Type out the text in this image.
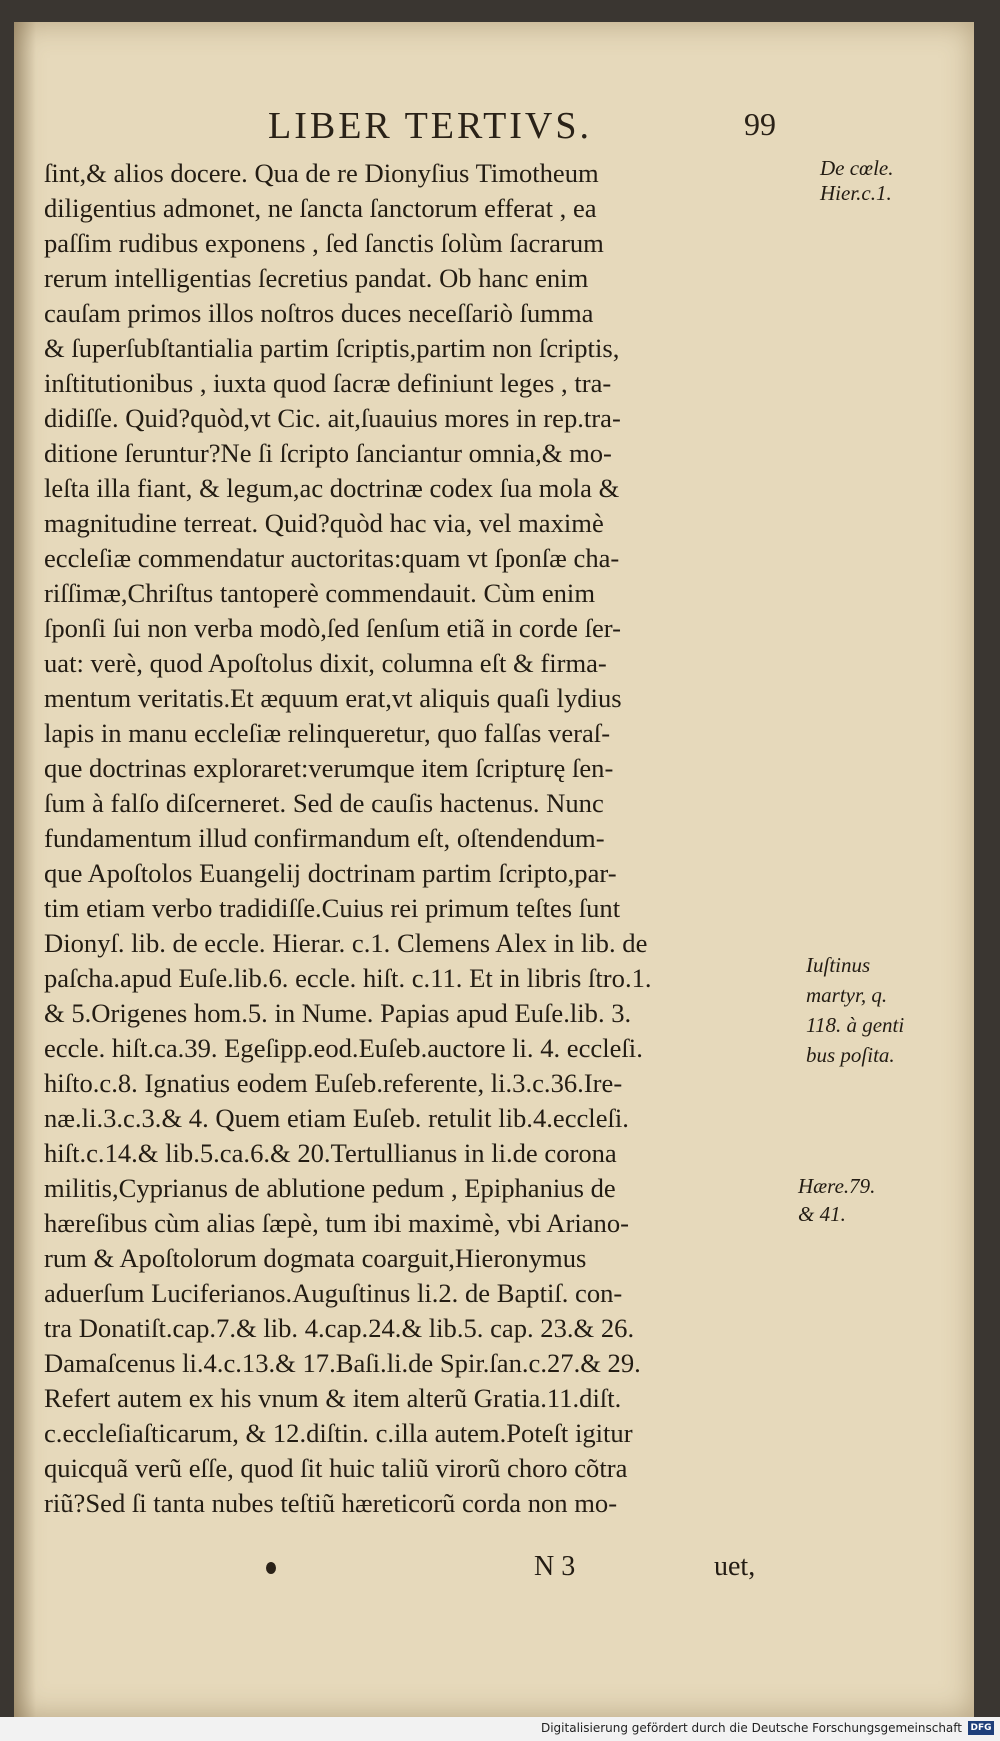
LIBER TERTIVS.	99
ſint,& alios docere. Qua de re Dionyſius Timotheum
diligentius admonet, ne ſancta ſanctorum efferat , ea
paſſim rudibus exponens , ſed ſanctis ſolùm ſacrarum
rerum intelligentias ſecretius pandat. Ob hanc enim
cauſam primos illos noſtros duces neceſſariò ſumma
& ſuperſubſtantialia partim ſcriptis,partim non ſcriptis,
inſtitutionibus , iuxta quod ſacræ definiunt leges , tra-
didiſſe. Quid?quòd,vt Cic. ait,ſuauius mores in rep.tra-
ditione ſeruntur?Ne ſi ſcripto ſanciantur omnia,& mo-
leſta illa fiant, & legum,ac doctrinæ codex ſua mola &
magnitudine terreat. Quid?quòd hac via, vel maximè
eccleſiæ commendatur auctoritas:quam vt ſponſæ cha-
riſſimæ,Chriſtus tantoperè commendauit. Cùm enim
ſponſi ſui non verba modò,ſed ſenſum etiã in corde ſer-
uat: verè, quod Apoſtolus dixit, columna eſt & firma-
mentum veritatis.Et æquum erat,vt aliquis quaſi lydius
lapis in manu eccleſiæ relinqueretur, quo falſas veraſ-
que doctrinas exploraret:verumque item ſcripturę ſen-
ſum à falſo diſcerneret. Sed de cauſis hactenus. Nunc
fundamentum illud confirmandum eſt, oſtendendum-
que Apoſtolos Euangelij doctrinam partim ſcripto,par-
tim etiam verbo tradidiſſe.Cuius rei primum teſtes ſunt
Dionyſ. lib. de eccle. Hierar. c.1. Clemens Alex in lib. de
paſcha.apud Euſe.lib.6. eccle. hiſt. c.11. Et in libris ſtro.1.
& 5.Origenes hom.5. in Nume. Papias apud Euſe.lib. 3.
eccle. hiſt.ca.39. Egeſipp.eod.Euſeb.auctore li. 4. eccleſi.
hiſto.c.8. Ignatius eodem Euſeb.referente, li.3.c.36.Ire-
næ.li.3.c.3.& 4. Quem etiam Euſeb. retulit lib.4.eccleſi.
hiſt.c.14.& lib.5.ca.6.& 20.Tertullianus in li.de corona
militis,Cyprianus de ablutione pedum , Epiphanius de
hæreſibus cùm alias ſæpè, tum ibi maximè, vbi Ariano-
rum & Apoſtolorum dogmata coarguit,Hieronymus
aduerſum Luciferianos.Auguſtinus li.2. de Baptiſ. con-
tra Donatiſt.cap.7.& lib. 4.cap.24.& lib.5. cap. 23.& 26.
Damaſcenus li.4.c.13.& 17.Baſi.li.de Spir.ſan.c.27.& 29.
Refert autem ex his vnum & item alterũ Gratia.11.diſt.
c.eccleſiaſticarum, & 12.diſtin. c.illa autem.Poteſt igitur
quicquã verũ eſſe, quod ſit huic taliũ virorũ choro cõtra
riũ?Sed ſi tanta nubes teſtiũ hæreticorũ corda non mo-
De cœle.
Hier.c.1.
Iuſtinus
martyr, q.
118. à genti
bus poſita.
Hære.79.
& 41.
N 3	uet,
Digitalisierung gefördert durch die Deutsche Forschungsgemeinschaft DFG
